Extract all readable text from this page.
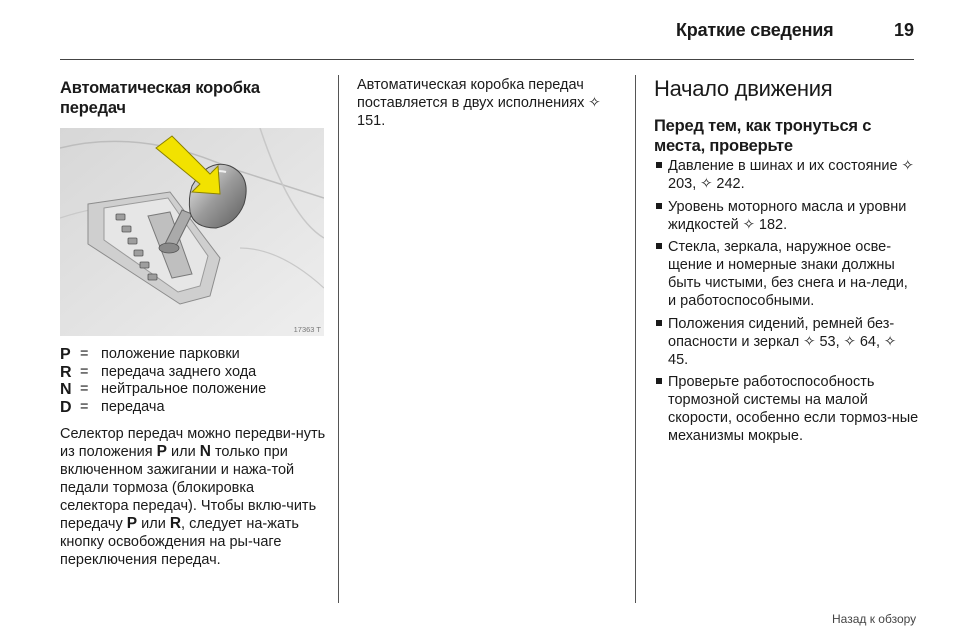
Краткие сведения	19
Автоматическая коробка передач
17363 T
P = положение парковки
R = передача заднего хода
N = нейтральное положение
D = передача
Селектор передач можно передви-нуть из положения P или N только при включенном зажигании и нажа-той педали тормоза (блокировка селектора передач). Чтобы вклю-чить передачу P или R, следует на-жать кнопку освобождения на ры-чаге переключения передач.
Автоматическая коробка передач поставляется в двух исполнениях ✧ 151.
Начало движения
Перед тем, как тронуться с места, проверьте
Давление в шинах и их состояние ✧ 203, ✧ 242.
Уровень моторного масла и уровни жидкостей ✧ 182.
Стекла, зеркала, наружное осве-щение и номерные знаки должны быть чистыми, без снега и на-леди, и работоспособными.
Положения сидений, ремней без-опасности и зеркал ✧ 53, ✧ 64, ✧ 45.
Проверьте работоспособность тормозной системы на малой скорости, особенно если тормоз-ные механизмы мокрые.
Назад к обзору
